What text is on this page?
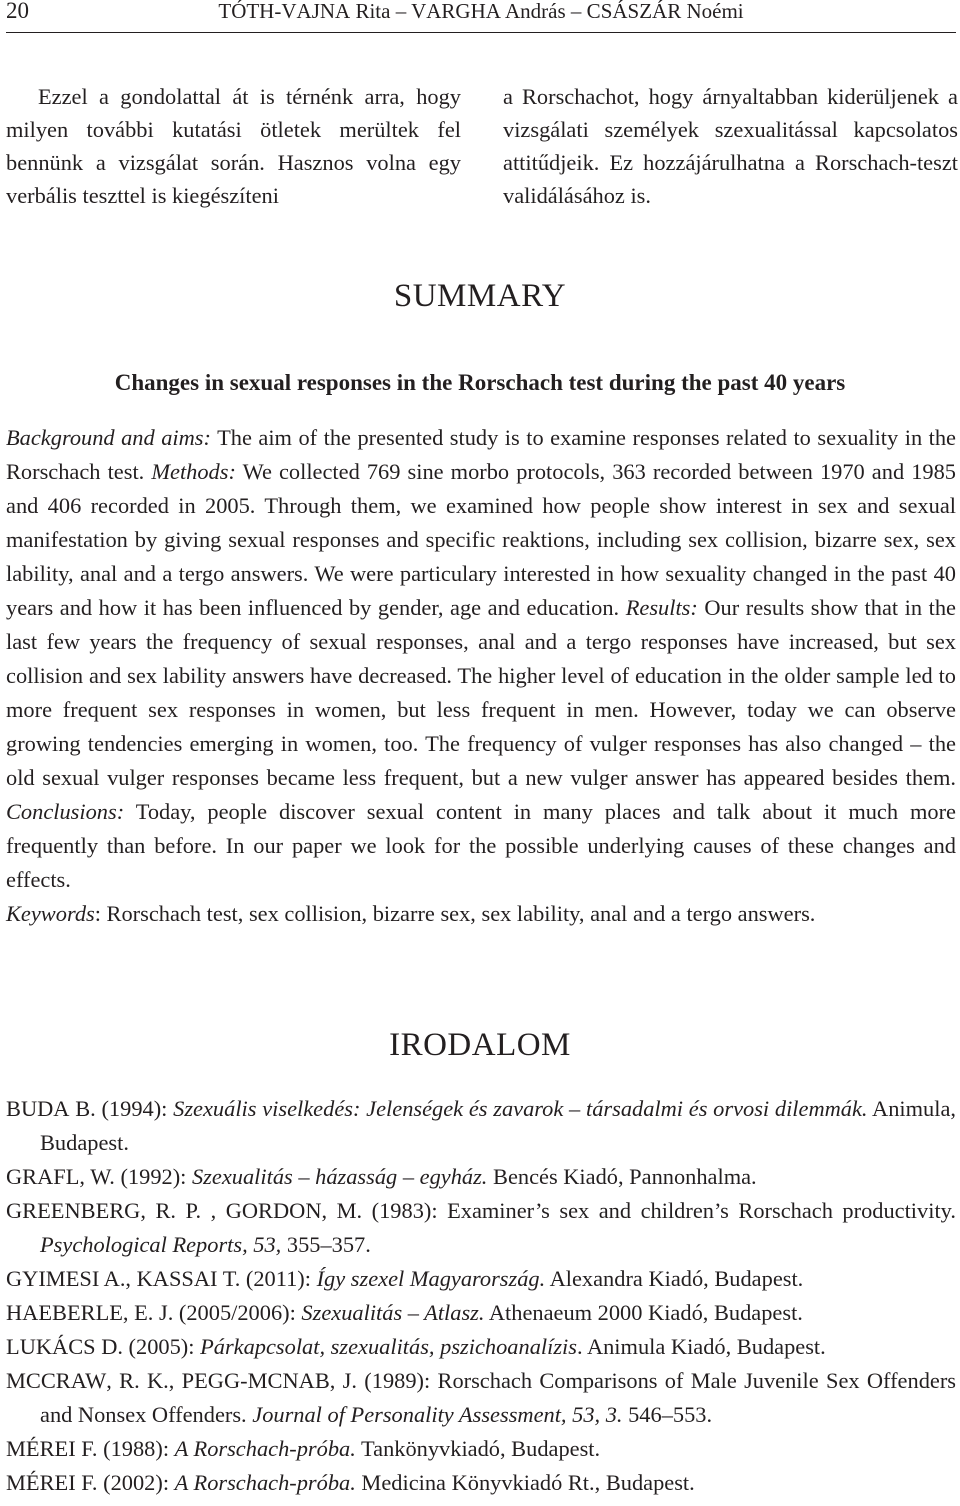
20	TÓTH-VAJNA Rita – VARGHA András – CSÁSZÁR Noémi
Ezzel a gondolattal át is térnénk arra, hogy milyen további kutatási ötletek merültek fel bennünk a vizsgálat során. Hasznos volna egy verbális teszttel is kiegészíteni
a Rorschachot, hogy árnyaltabban kiderüljenek a vizsgálati személyek szexualitással kapcsolatos attitűdjeik. Ez hozzájárulhatna a Rorschach-teszt validálásához is.
SUMMARY
Changes in sexual responses in the Rorschach test during the past 40 years
Background and aims: The aim of the presented study is to examine responses related to sexuality in the Rorschach test. Methods: We collected 769 sine morbo protocols, 363 recorded between 1970 and 1985 and 406 recorded in 2005. Through them, we examined how people show interest in sex and sexual manifestation by giving sexual responses and specific reaktions, including sex collision, bizarre sex, sex lability, anal and a tergo answers. We were particulary interested in how sexuality changed in the past 40 years and how it has been influenced by gender, age and education. Results: Our results show that in the last few years the frequency of sexual responses, anal and a tergo responses have increased, but sex collision and sex lability answers have decreased. The higher level of education in the older sample led to more frequent sex responses in women, but less frequent in men. However, today we can observe growing tendencies emerging in women, too. The frequency of vulger responses has also changed – the old sexual vulger responses became less frequent, but a new vulger answer has appeared besides them. Conclusions: Today, people discover sexual content in many places and talk about it much more frequently than before. In our paper we look for the possible underlying causes of these changes and effects.
Keywords: Rorschach test, sex collision, bizarre sex, sex lability, anal and a tergo answers.
IRODALOM

BUDA B. (1994): Szexuális viselkedés: Jelenségek és zavarok – társadalmi és orvosi dilemmák. Animula, Budapest.

GRAFL, W. (1992): Szexualitás – házasság – egyház. Bencés Kiadó, Pannonhalma.

GREENBERG, R. P. , GORDON, M. (1983): Examiner’s sex and children’s Rorschach productivity. Psychological Reports, 53, 355–357.

GYIMESI A., KASSAI T. (2011): Így szexel Magyarország. Alexandra Kiadó, Budapest.

HAEBERLE, E. J. (2005/2006): Szexualitás – Atlasz. Athenaeum 2000 Kiadó, Budapest.

LUKÁCS D. (2005): Párkapcsolat, szexualitás, pszichoanalízis. Animula Kiadó, Budapest.

MCCRAW, R. K., PEGG-MCNAB, J. (1989): Rorschach Comparisons of Male Juvenile Sex Offenders and Nonsex Offenders. Journal of Personality Assessment, 53, 3. 546–553.

MÉREI F. (1988): A Rorschach-próba. Tankönyvkiadó, Budapest.

MÉREI F. (2002): A Rorschach-próba. Medicina Könyvkiadó Rt., Budapest.
